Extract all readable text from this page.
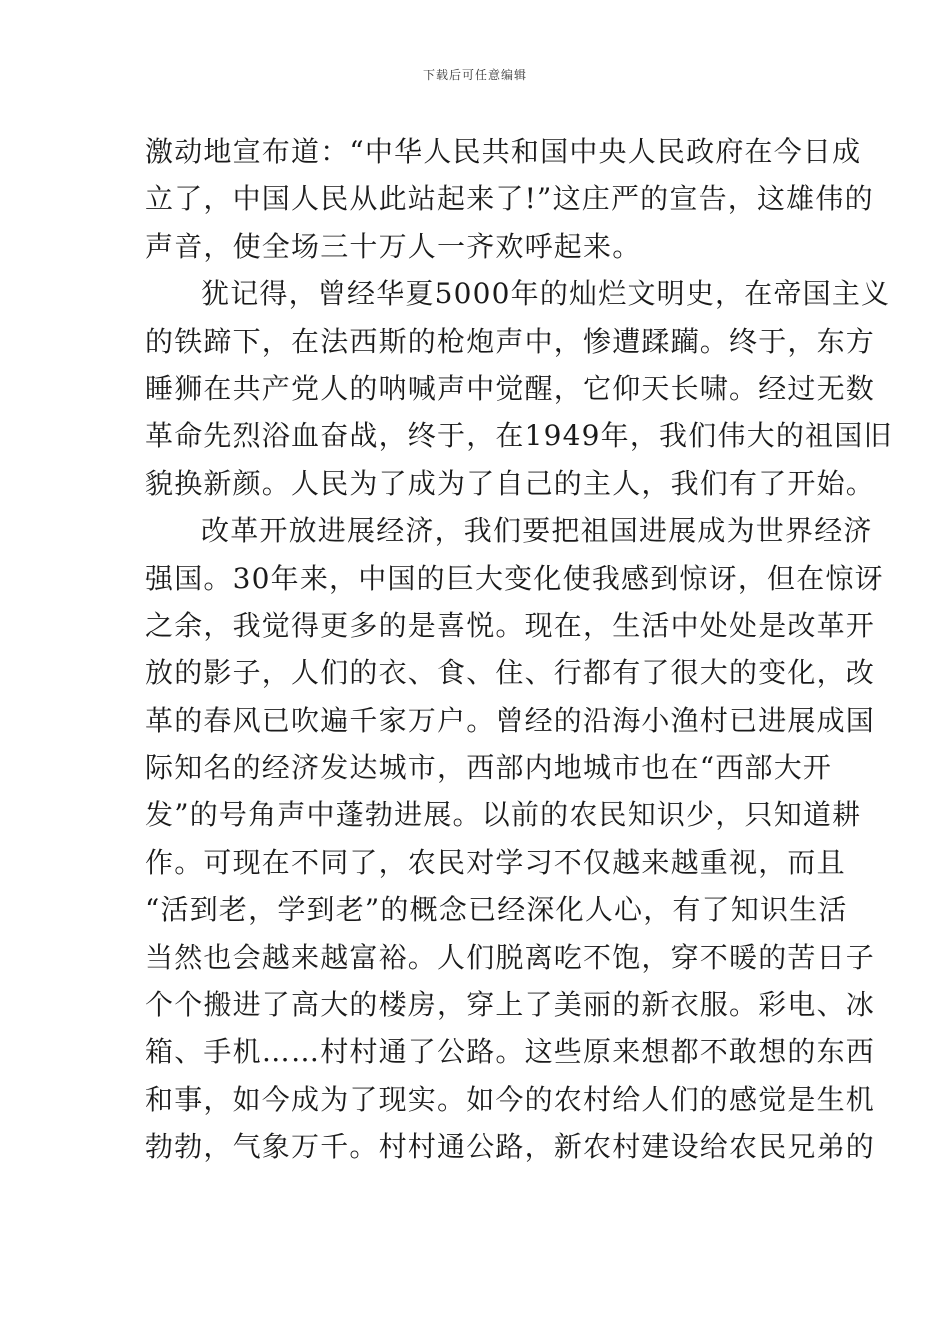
下载后可任意编辑
激动地宣布道：“中华人民共和国中央人民政府在今日成
立了，中国人民从此站起来了!”这庄严的宣告，这雄伟的
声音，使全场三十万人一齐欢呼起来。
犹记得，曾经华夏5000年的灿烂文明史，在帝国主义
的铁蹄下，在法西斯的枪炮声中，惨遭蹂躏。终于，东方
睡狮在共产党人的呐喊声中觉醒，它仰天长啸。经过无数
革命先烈浴血奋战，终于，在1949年，我们伟大的祖国旧
貌换新颜。人民为了成为了自己的主人，我们有了开始。
改革开放进展经济，我们要把祖国进展成为世界经济
强国。30年来，中国的巨大变化使我感到惊讶，但在惊讶
之余，我觉得更多的是喜悦。现在，生活中处处是改革开
放的影子，人们的衣、食、住、行都有了很大的变化，改
革的春风已吹遍千家万户。曾经的沿海小渔村已进展成国
际知名的经济发达城市，西部内地城市也在“西部大开
发”的号角声中蓬勃进展。以前的农民知识少，只知道耕
作。可现在不同了，农民对学习不仅越来越重视，而且
“活到老，学到老”的概念已经深化人心，有了知识生活
当然也会越来越富裕。人们脱离吃不饱，穿不暖的苦日子
个个搬进了高大的楼房，穿上了美丽的新衣服。彩电、冰
箱、手机……村村通了公路。这些原来想都不敢想的东西
和事，如今成为了现实。如今的农村给人们的感觉是生机
勃勃，气象万千。村村通公路，新农村建设给农民兄弟的
